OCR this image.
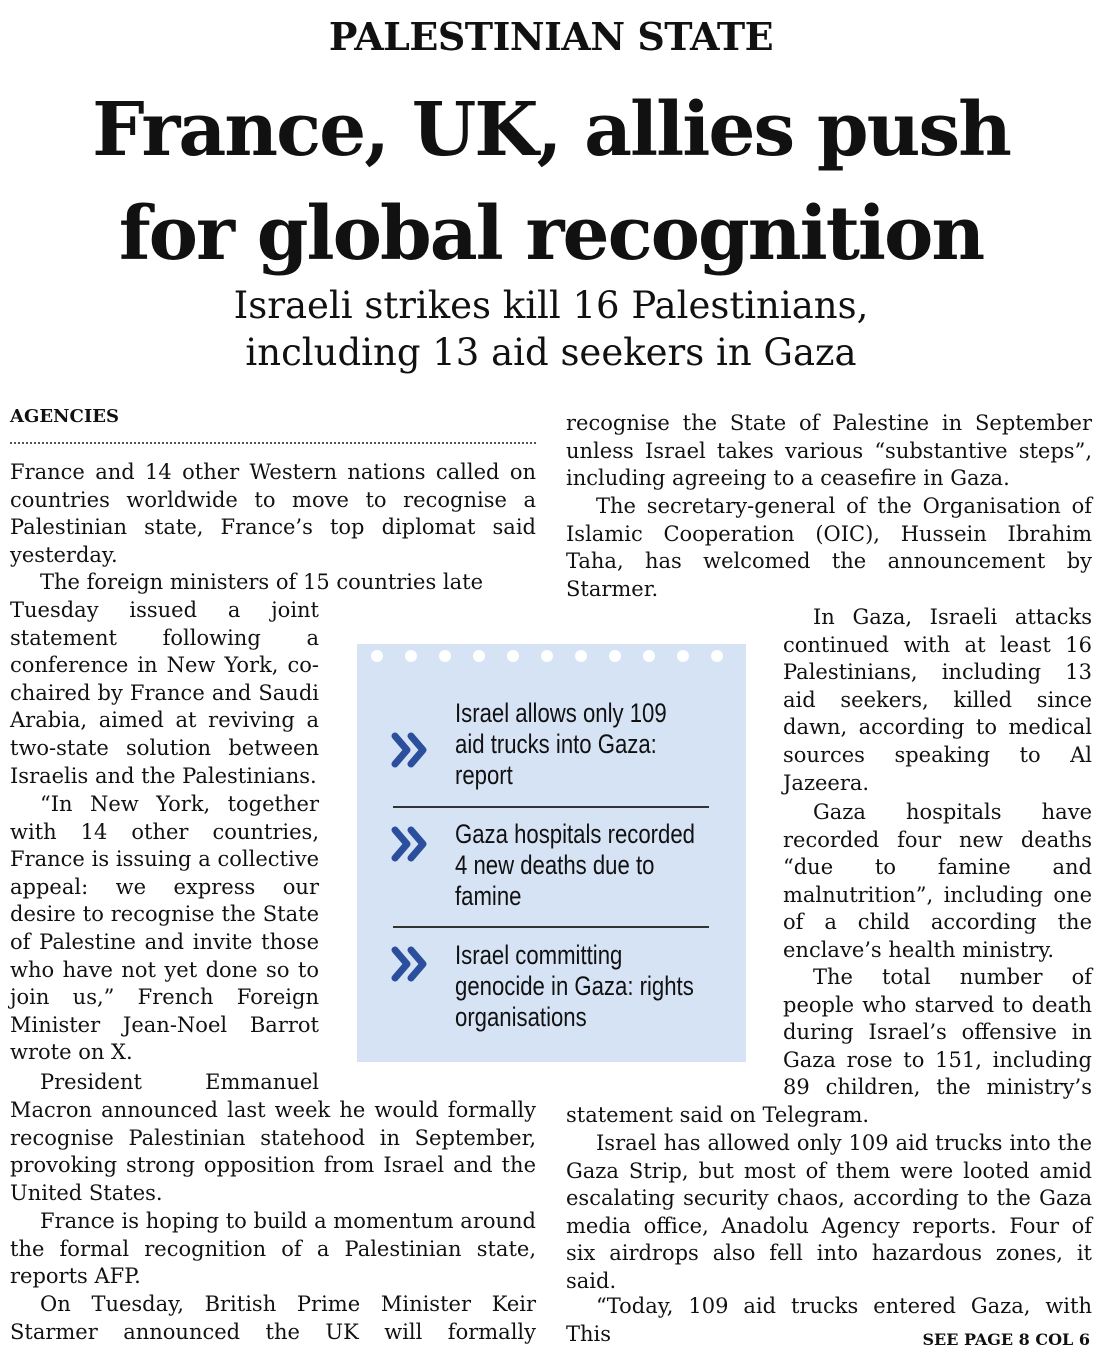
PALESTINIAN STATE
France, UK, allies push
for global recognition
Israeli strikes kill 16 Palestinians,
including 13 aid seekers in Gaza
AGENCIES

France and 14 other Western nations called on countries worldwide to move to recognise a Palestinian state, France’s top diplomat said yesterday.

The foreign ministers of 15 countries late

Tuesday issued a joint statement following a conference in New York, co-chaired by France and Saudi Arabia, aimed at reviving a two-state solution between Israelis and the Palestinians.

“In New York, together with 14 other countries, France is issuing a collective appeal: we express our desire to recognise the State of Palestine and invite those who have not yet done so to join us,” French Foreign Minister Jean-Noel Barrot wrote on X.

President Emmanuel

Macron announced last week he would formally recognise Palestinian statehood in September, provoking strong opposition from Israel and the United States.

France is hoping to build a momentum around the formal recognition of a Palestinian state, reports AFP.

On Tuesday, British Prime Minister Keir Starmer announced the UK will formally

recognise the State of Palestine in September unless Israel takes various “substantive steps”, including agreeing to a ceasefire in Gaza.

The secretary-general of the Organisation of Islamic Cooperation (OIC), Hussein Ibrahim Taha, has welcomed the announcement by Starmer.

In Gaza, Israeli attacks continued with at least 16 Palestinians, including 13 aid seekers, killed since dawn, according to medical sources speaking to Al Jazeera.

Gaza hospitals have recorded four new deaths “due to famine and malnutrition”, including one of a child according the enclave’s health ministry.

The total number of people who starved to death during Israel’s offensive in Gaza rose to 151, including 89 children, the ministry’s

statement said on Telegram.

Israel has allowed only 109 aid trucks into the Gaza Strip, but most of them were looted amid escalating security chaos, according to the Gaza media office, Anadolu Agency reports. Four of six airdrops also fell into hazardous zones, it said.

“Today, 109 aid trucks entered Gaza, with This

Israel allows only 109
aid trucks into Gaza:
report
Gaza hospitals recorded
4 new deaths due to
famine
Israel committing
genocide in Gaza: rights
organisations
SEE PAGE 8 COL 6
